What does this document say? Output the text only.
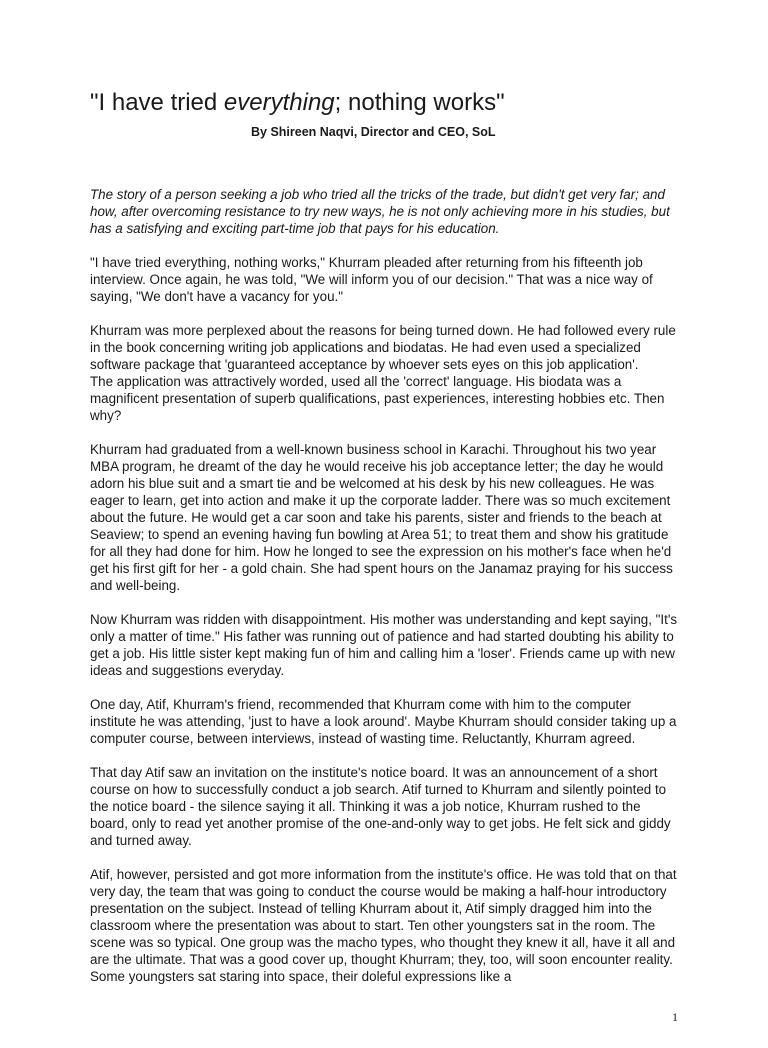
"I have tried everything; nothing works"

By Shireen Naqvi, Director and CEO, SoL

The story of a person seeking a job who tried all the tricks of the trade, but didn't get very far; and how, after overcoming resistance to try new ways, he is not only achieving more in his studies, but has a satisfying and exciting part-time job that pays for his education.

"I have tried everything, nothing works," Khurram pleaded after returning from his fifteenth job interview. Once again, he was told, "We will inform you of our decision." That was a nice way of saying, "We don't have a vacancy for you."

Khurram was more perplexed about the reasons for being turned down. He had followed every rule in the book concerning writing job applications and biodatas. He had even used a specialized software package that 'guaranteed acceptance by whoever sets eyes on this job application'.

The application was attractively worded, used all the 'correct' language. His biodata was a magnificent presentation of superb qualifications, past experiences, interesting hobbies etc. Then why?

Khurram had graduated from a well-known business school in Karachi. Throughout his two year MBA program, he dreamt of the day he would receive his job acceptance letter; the day he would adorn his blue suit and a smart tie and be welcomed at his desk by his new colleagues. He was eager to learn, get into action and make it up the corporate ladder. There was so much excitement about the future. He would get a car soon and take his parents, sister and friends to the beach at Seaview; to spend an evening having fun bowling at Area 51; to treat them and show his gratitude for all they had done for him. How he longed to see the expression on his mother's face when he'd get his first gift for her - a gold chain. She had spent hours on the Janamaz praying for his success and well-being.

Now Khurram was ridden with disappointment. His mother was understanding and kept saying, "It's only a matter of time." His father was running out of patience and had started doubting his ability to get a job. His little sister kept making fun of him and calling him a 'loser'. Friends came up with new ideas and suggestions everyday.

One day, Atif, Khurram's friend, recommended that Khurram come with him to the computer institute he was attending, 'just to have a look around'. Maybe Khurram should consider taking up a computer course, between interviews, instead of wasting time. Reluctantly, Khurram agreed.

That day Atif saw an invitation on the institute's notice board. It was an announcement of a short course on how to successfully conduct a job search. Atif turned to Khurram and silently pointed to the notice board - the silence saying it all. Thinking it was a job notice, Khurram rushed to the board, only to read yet another promise of the one-and-only way to get jobs. He felt sick and giddy and turned away.

Atif, however, persisted and got more information from the institute's office. He was told that on that very day, the team that was going to conduct the course would be making a half-hour introductory presentation on the subject. Instead of telling Khurram about it, Atif simply dragged him into the classroom where the presentation was about to start. Ten other youngsters sat in the room. The scene was so typical. One group was the macho types, who thought they knew it all, have it all and are the ultimate. That was a good cover up, thought Khurram; they, too, will soon encounter reality. Some youngsters sat staring into space, their doleful expressions like a

1
